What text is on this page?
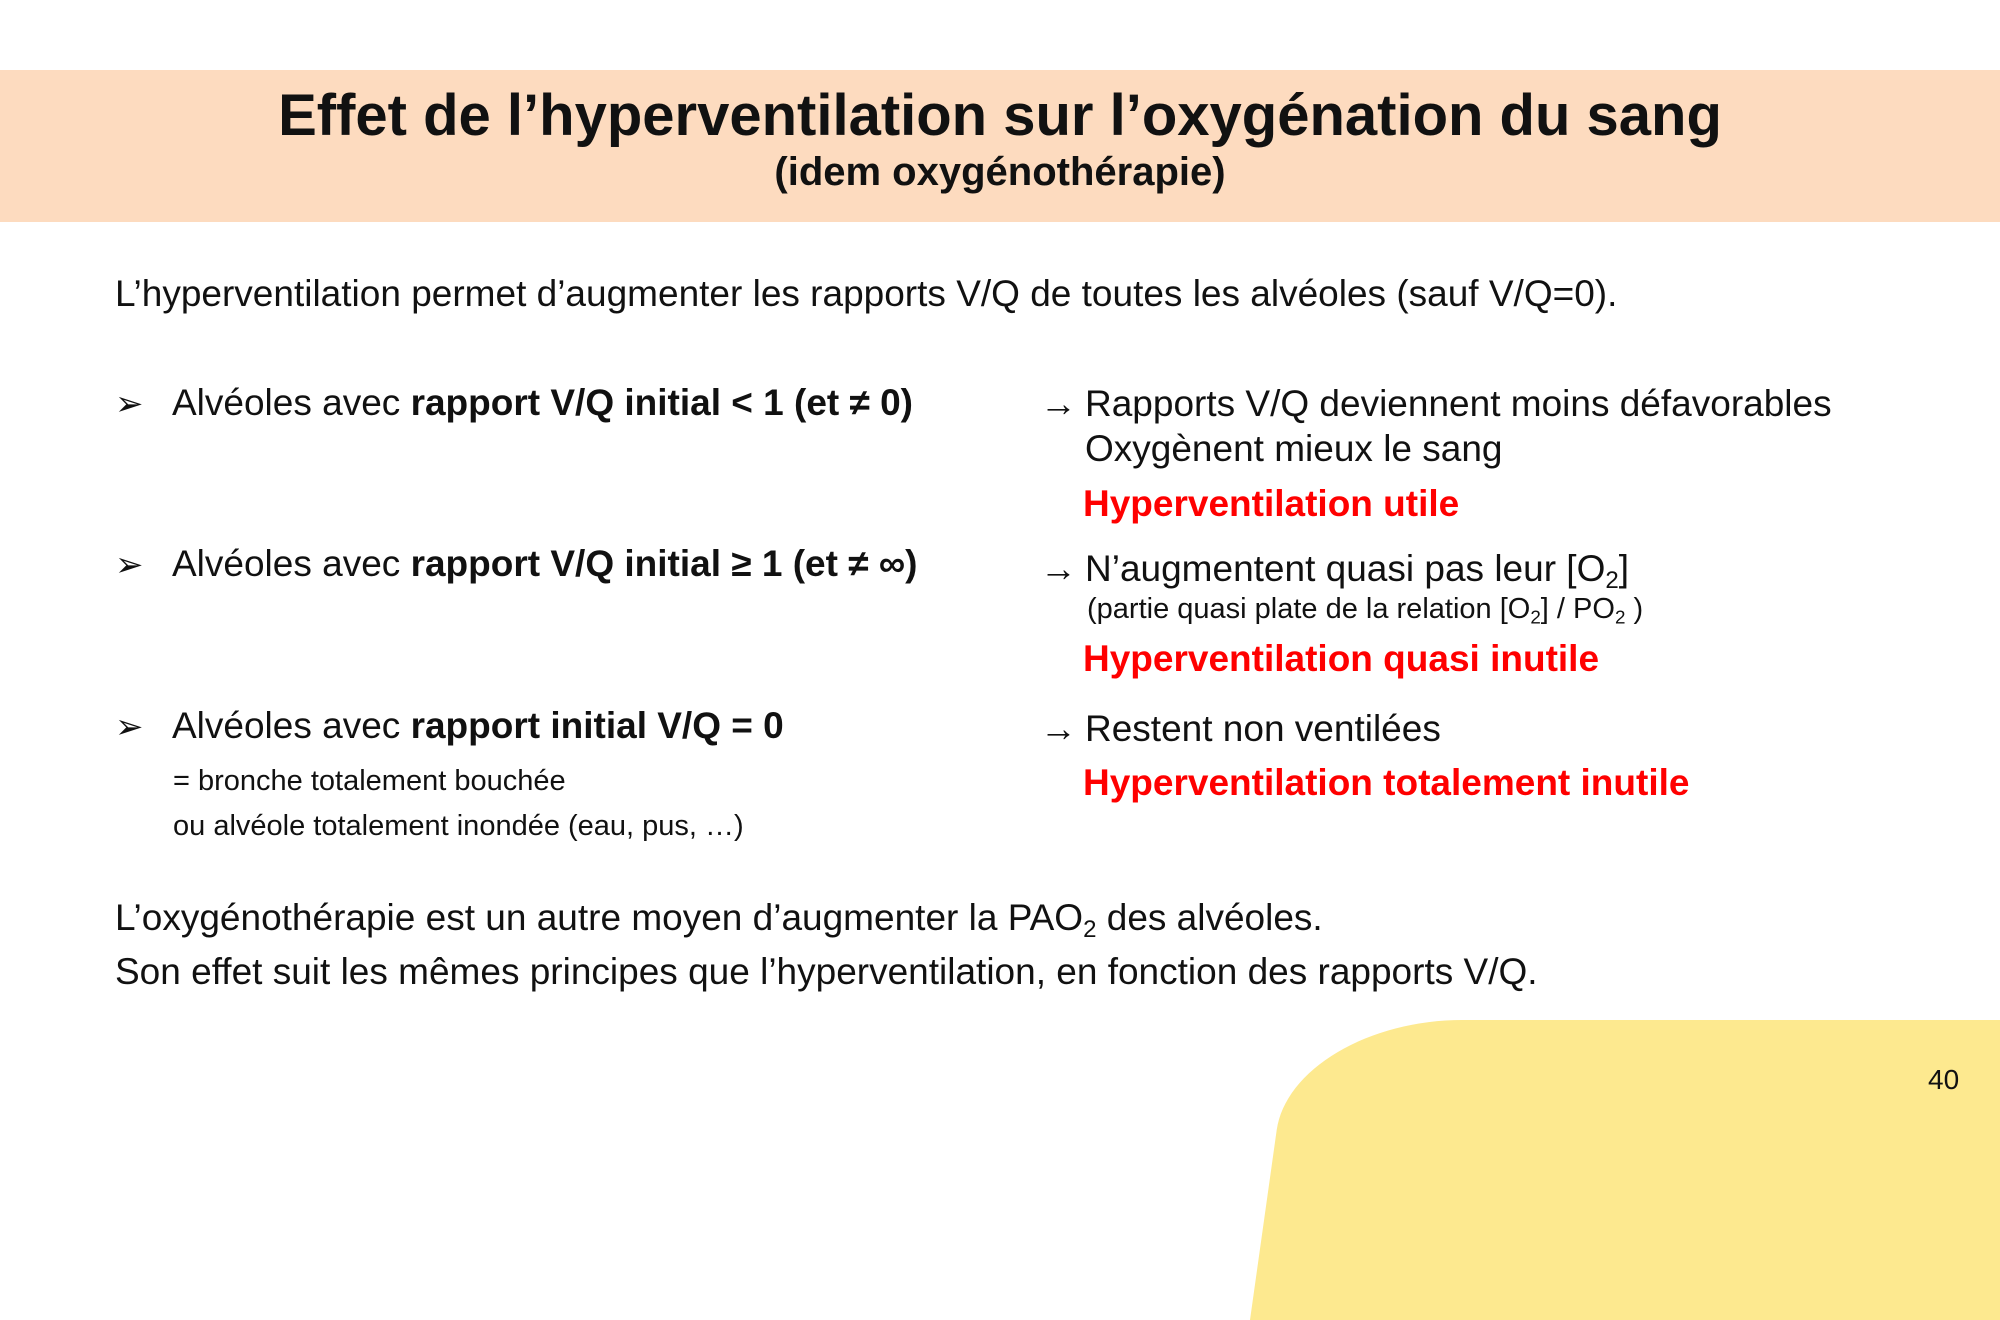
Effet de l’hyperventilation sur l’oxygénation du sang
(idem oxygénothérapie)
L’hyperventilation permet d’augmenter les rapports V/Q de toutes les alvéoles (sauf V/Q=0).
➢ Alvéoles avec rapport V/Q initial < 1 (et ≠ 0)	→ Rapports V/Q deviennent moins défavorables
Oxygènent mieux le sang
Hyperventilation utile
➢ Alvéoles avec rapport V/Q initial ≥ 1 (et ≠ ∞)	→ N’augmentent quasi pas leur $[O_2]$
(partie quasi plate de la relation $[O_2] / PO_2$ )
Hyperventilation quasi inutile
➢ Alvéoles avec rapport initial V/Q = 0
= bronche totalement bouchée
ou alvéole totalement inondée (eau, pus, …)
→ Restent non ventilées
Hyperventilation totalement inutile
L’oxygénothérapie est un autre moyen d’augmenter la $PAO_2$ des alvéoles.
Son effet suit les mêmes principes que l’hyperventilation, en fonction des rapports V/Q.
40
